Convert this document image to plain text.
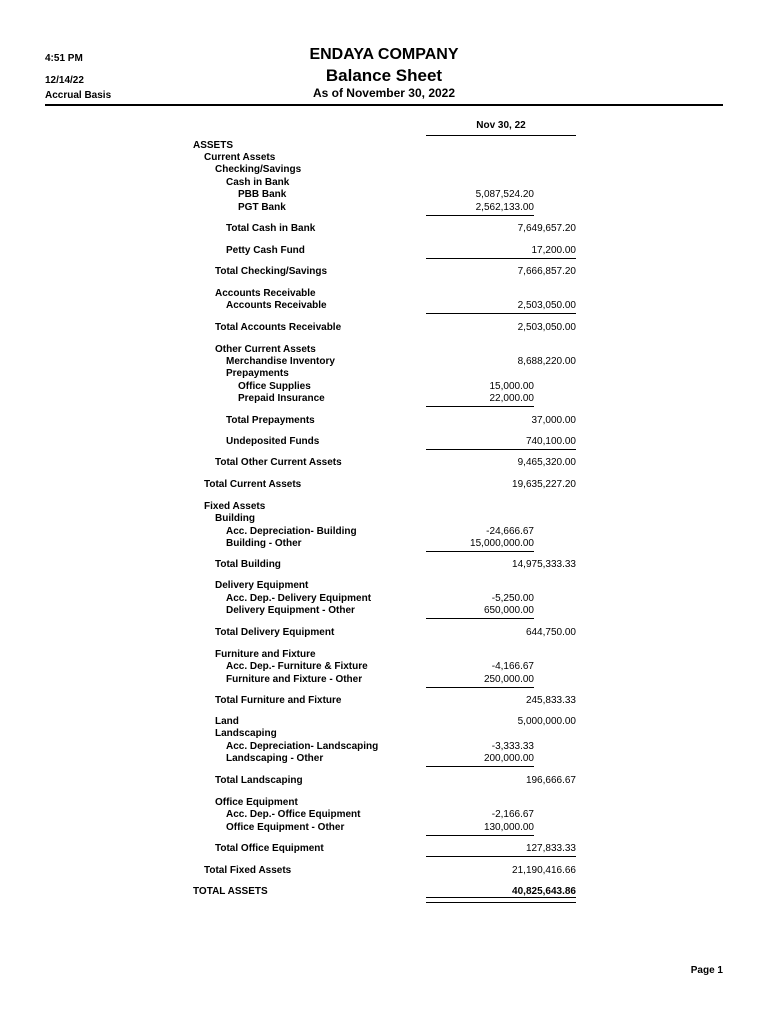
4:51 PM
12/14/22
Accrual Basis
ENDAYA COMPANY
Balance Sheet
As of November 30, 2022
Nov 30, 22
ASSETS
Current Assets
Checking/Savings
Cash in Bank
PBB Bank	5,087,524.20
PGT Bank	2,562,133.00
Total Cash in Bank	7,649,657.20
Petty Cash Fund	17,200.00
Total Checking/Savings	7,666,857.20
Accounts Receivable
Accounts Receivable	2,503,050.00
Total Accounts Receivable	2,503,050.00
Other Current Assets
Merchandise Inventory	8,688,220.00
Prepayments
Office Supplies	15,000.00
Prepaid Insurance	22,000.00
Total Prepayments	37,000.00
Undeposited Funds	740,100.00
Total Other Current Assets	9,465,320.00
Total Current Assets	19,635,227.20
Fixed Assets
Building
Acc. Depreciation- Building	-24,666.67
Building - Other	15,000,000.00
Total Building	14,975,333.33
Delivery Equipment
Acc. Dep.- Delivery Equipment	-5,250.00
Delivery Equipment - Other	650,000.00
Total Delivery Equipment	644,750.00
Furniture and Fixture
Acc. Dep.- Furniture & Fixture	-4,166.67
Furniture and Fixture - Other	250,000.00
Total Furniture and Fixture	245,833.33
Land	5,000,000.00
Landscaping
Acc. Depreciation- Landscaping	-3,333.33
Landscaping - Other	200,000.00
Total Landscaping	196,666.67
Office Equipment
Acc. Dep.- Office Equipment	-2,166.67
Office Equipment - Other	130,000.00
Total Office Equipment	127,833.33
Total Fixed Assets	21,190,416.66
TOTAL ASSETS	40,825,643.86
Page 1
